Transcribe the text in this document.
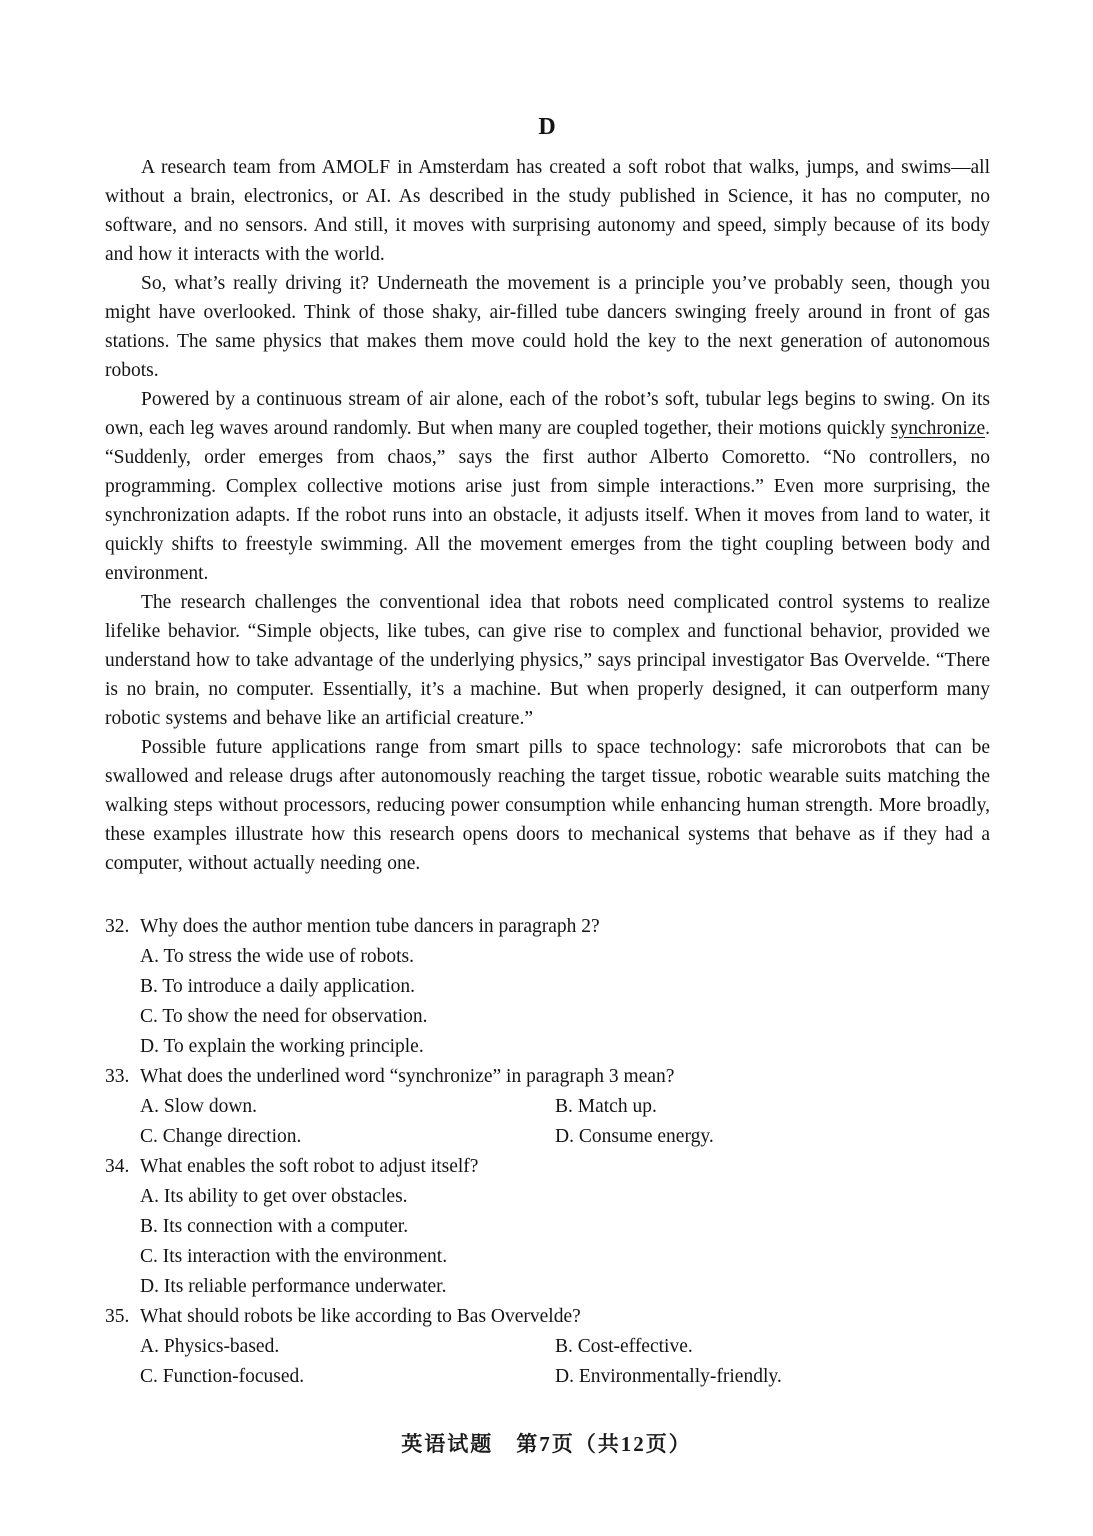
D

A research team from AMOLF in Amsterdam has created a soft robot that walks, jumps, and swims—all without a brain, electronics, or AI. As described in the study published in Science, it has no computer, no software, and no sensors. And still, it moves with surprising autonomy and speed, simply because of its body and how it interacts with the world.

So, what’s really driving it? Underneath the movement is a principle you’ve probably seen, though you might have overlooked. Think of those shaky, air-filled tube dancers swinging freely around in front of gas stations. The same physics that makes them move could hold the key to the next generation of autonomous robots.

Powered by a continuous stream of air alone, each of the robot’s soft, tubular legs begins to swing. On its own, each leg waves around randomly. But when many are coupled together, their motions quickly synchronize. “Suddenly, order emerges from chaos,” says the first author Alberto Comoretto. “No controllers, no programming. Complex collective motions arise just from simple interactions.” Even more surprising, the synchronization adapts. If the robot runs into an obstacle, it adjusts itself. When it moves from land to water, it quickly shifts to freestyle swimming. All the movement emerges from the tight coupling between body and environment.

The research challenges the conventional idea that robots need complicated control systems to realize lifelike behavior. “Simple objects, like tubes, can give rise to complex and functional behavior, provided we understand how to take advantage of the underlying physics,” says principal investigator Bas Overvelde. “There is no brain, no computer. Essentially, it’s a machine. But when properly designed, it can outperform many robotic systems and behave like an artificial creature.”

Possible future applications range from smart pills to space technology: safe microrobots that can be swallowed and release drugs after autonomously reaching the target tissue, robotic wearable suits matching the walking steps without processors, reducing power consumption while enhancing human strength. More broadly, these examples illustrate how this research opens doors to mechanical systems that behave as if they had a computer, without actually needing one.

32. Why does the author mention tube dancers in paragraph 2?
A. To stress the wide use of robots.
B. To introduce a daily application.
C. To show the need for observation.
D. To explain the working principle.
33. What does the underlined word “synchronize” in paragraph 3 mean?
A. Slow down.	B. Match up.
C. Change direction.	D. Consume energy.
34. What enables the soft robot to adjust itself?
A. Its ability to get over obstacles.
B. Its connection with a computer.
C. Its interaction with the environment.
D. Its reliable performance underwater.
35. What should robots be like according to Bas Overvelde?
A. Physics-based.	B. Cost-effective.
C. Function-focused.	D. Environmentally-friendly.
英语试题　第7页（共12页）
